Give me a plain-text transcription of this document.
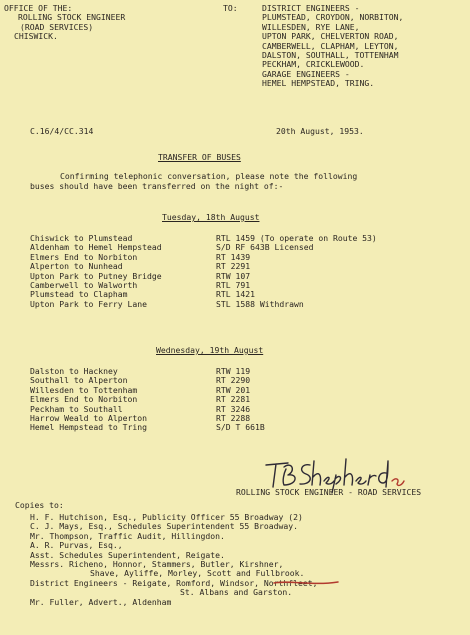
OFFICE OF THE:
ROLLING STOCK ENGINEER
(ROAD SERVICES)
CHISWICK.
TO:	DISTRICT ENGINEERS -
PLUMSTEAD, CROYDON, NORBITON,
WILLESDEN, RYE LANE,
UPTON PARK, CHELVERTON ROAD,
CAMBERWELL, CLAPHAM, LEYTON,
DALSTON, SOUTHALL, TOTTENHAM
PECKHAM, CRICKLEWOOD.
GARAGE ENGINEERS -
HEMEL HEMPSTEAD, TRING.
C.16/4/CC.314	20th August, 1953.
TRANSFER OF BUSES
Confirming telephonic conversation, please note the following
buses should have been transferred on the night of:-
Tuesday, 18th August
Chiswick to Plumstead	RTL 1459 (To operate on Route 53)
Aldenham to Hemel Hempstead	S/D RF 643B Licensed
Elmers End to Norbiton	RT 1439
Alperton to Nunhead	RT 2291
Upton Park to Putney Bridge	RTW 107
Camberwell to Walworth	RTL 791
Plumstead to Clapham	RTL 1421
Upton Park to Ferry Lane	STL 1588 Withdrawn
Wednesday, 19th August
Dalston to Hackney	RTW 119
Southall to Alperton	RT 2290
Willesden to Tottenham	RTW 201
Elmers End to Norbiton	RT 2281
Peckham to Southall	RT 3246
Harrow Weald to Alperton	RT 2288
Hemel Hempstead to Tring	S/D T 661B
ROLLING STOCK ENGINEER - ROAD SERVICES
Copies to:
H. F. Hutchison, Esq., Publicity Officer 55 Broadway (2)
C. J. Mays, Esq., Schedules Superintendent 55 Broadway.
Mr. Thompson, Traffic Audit, Hillingdon.
A. R. Purvas, Esq.,
Asst. Schedules Superintendent, Reigate.
Messrs. Richeno, Honnor, Stammers, Butler, Kirshner,
Shave, Ayliffe, Morley, Scott and Fullbrook.
District Engineers - Reigate, Romford, Windsor, Northfleet,
St. Albans and Garston.
Mr. Fuller, Advert., Aldenham
